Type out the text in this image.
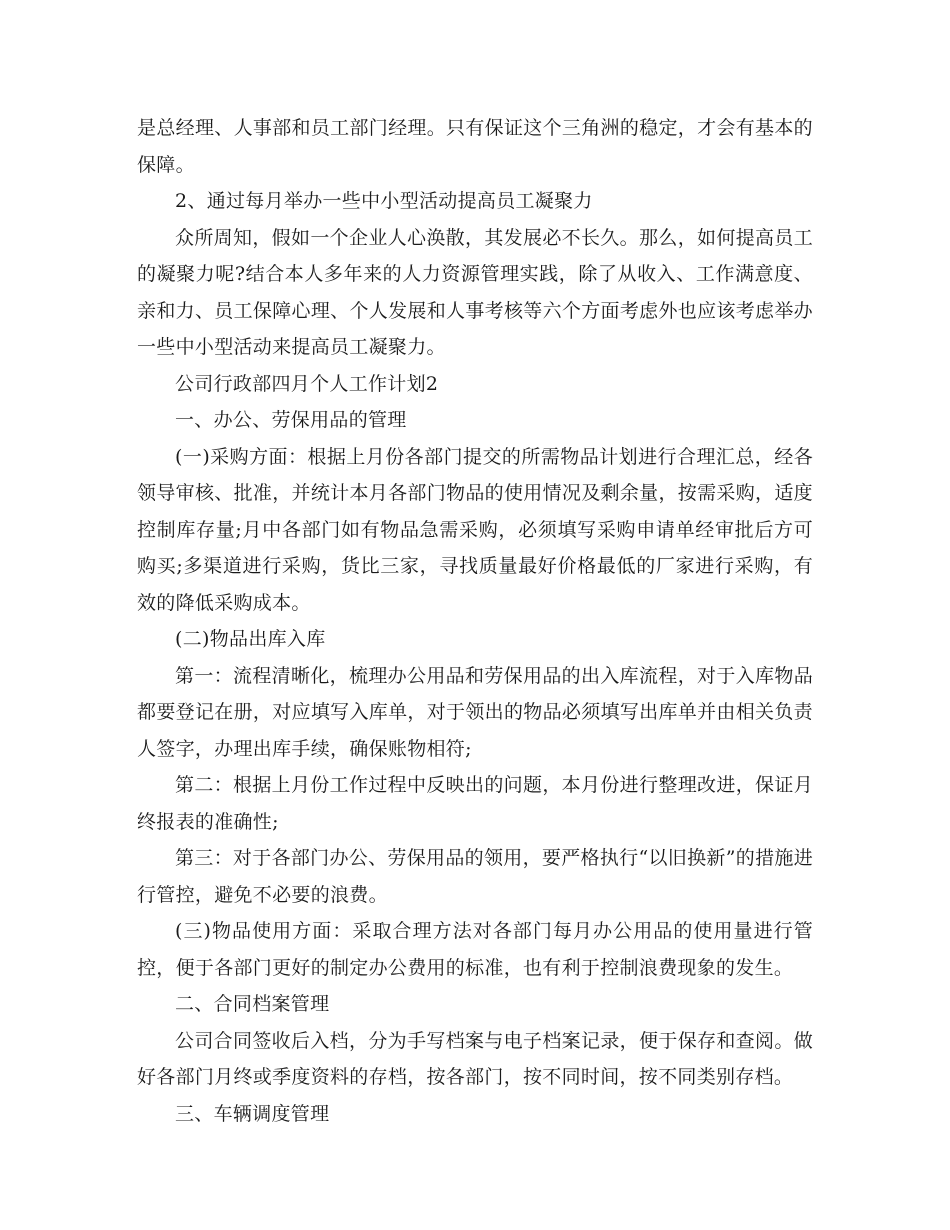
是总经理、人事部和员工部门经理。只有保证这个三角洲的稳定，才会有基本的保障。

2、通过每月举办一些中小型活动提高员工凝聚力

众所周知，假如一个企业人心涣散，其发展必不长久。那么，如何提高员工的凝聚力呢?结合本人多年来的人力资源管理实践，除了从收入、工作满意度、亲和力、员工保障心理、个人发展和人事考核等六个方面考虑外也应该考虑举办一些中小型活动来提高员工凝聚力。

公司行政部四月个人工作计划2

一、办公、劳保用品的管理

(一)采购方面：根据上月份各部门提交的所需物品计划进行合理汇总，经各领导审核、批准，并统计本月各部门物品的使用情况及剩余量，按需采购，适度控制库存量;月中各部门如有物品急需采购，必须填写采购申请单经审批后方可购买;多渠道进行采购，货比三家，寻找质量最好价格最低的厂家进行采购，有效的降低采购成本。

(二)物品出库入库

第一：流程清晰化，梳理办公用品和劳保用品的出入库流程，对于入库物品都要登记在册，对应填写入库单，对于领出的物品必须填写出库单并由相关负责人签字，办理出库手续，确保账物相符;

第二：根据上月份工作过程中反映出的问题，本月份进行整理改进，保证月终报表的准确性;

第三：对于各部门办公、劳保用品的领用，要严格执行“以旧换新”的措施进行管控，避免不必要的浪费。

(三)物品使用方面：采取合理方法对各部门每月办公用品的使用量进行管控，便于各部门更好的制定办公费用的标准，也有利于控制浪费现象的发生。

二、合同档案管理

公司合同签收后入档，分为手写档案与电子档案记录，便于保存和查阅。做好各部门月终或季度资料的存档，按各部门，按不同时间，按不同类别存档。

三、车辆调度管理
